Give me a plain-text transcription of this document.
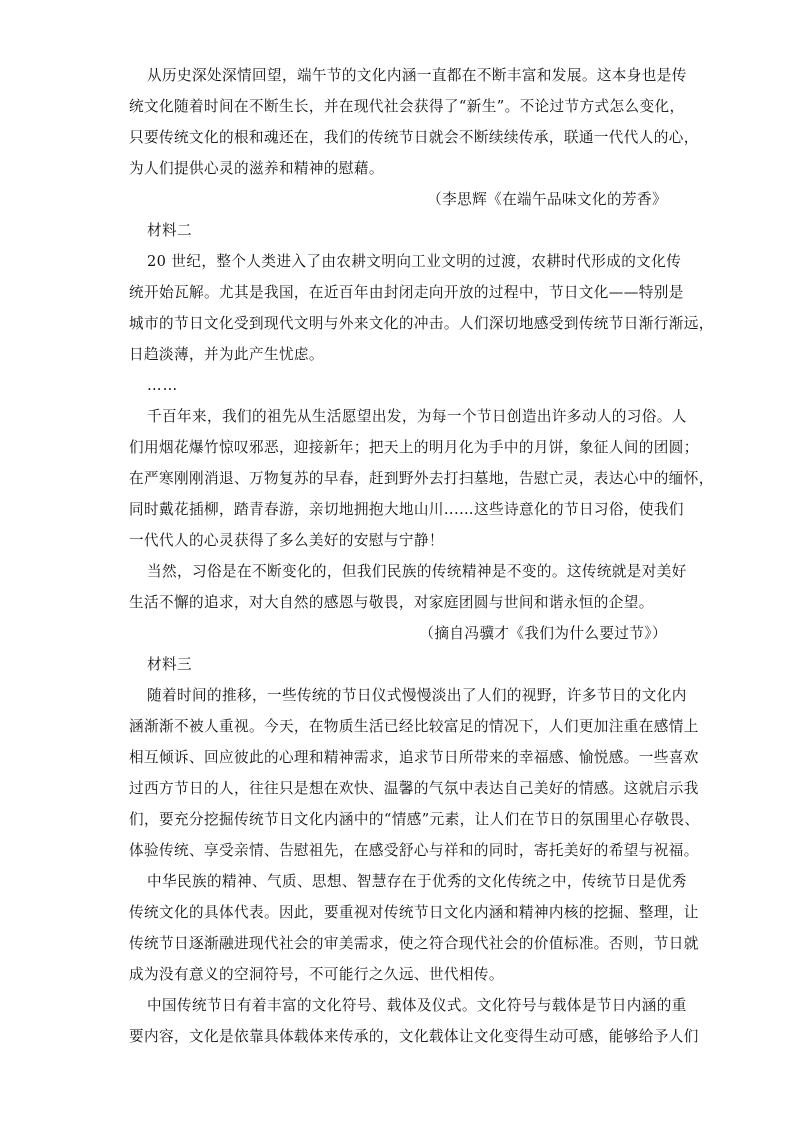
从历史深处深情回望，端午节的文化内涵一直都在不断丰富和发展。这本身也是传
统文化随着时间在不断生长，并在现代社会获得了“新生”。不论过节方式怎么变化，
只要传统文化的根和魂还在，我们的传统节日就会不断续续传承，联通一代代人的心，
为人们提供心灵的滋养和精神的慰藉。
（李思辉《在端午品味文化的芳香》
材料二
20 世纪，整个人类进入了由农耕文明向工业文明的过渡，农耕时代形成的文化传
统开始瓦解。尤其是我国，在近百年由封闭走向开放的过程中，节日文化——特别是
城市的节日文化受到现代文明与外来文化的冲击。人们深切地感受到传统节日渐行渐远，
日趋淡薄，并为此产生忧虑。
……
千百年来，我们的祖先从生活愿望出发，为每一个节日创造出许多动人的习俗。人
们用烟花爆竹惊叹邪恶，迎接新年；把天上的明月化为手中的月饼，象征人间的团圆；
在严寒刚刚消退、万物复苏的早春，赶到野外去打扫墓地，告慰亡灵，表达心中的缅怀，
同时戴花插柳，踏青春游，亲切地拥抱大地山川...…这些诗意化的节日习俗，使我们
一代代人的心灵获得了多么美好的安慰与宁静！
当然，习俗是在不断变化的，但我们民族的传统精神是不变的。这传统就是对美好
生活不懈的追求，对大自然的感恩与敬畏，对家庭团圆与世间和谐永恒的企望。
（摘自冯骥才《我们为什么要过节》）
材料三
随着时间的推移，一些传统的节日仪式慢慢淡出了人们的视野，许多节日的文化内
涵渐渐不被人重视。今天，在物质生活已经比较富足的情况下，人们更加注重在感情上
相互倾诉、回应彼此的心理和精神需求，追求节日所带来的幸福感、愉悦感。一些喜欢
过西方节日的人，往往只是想在欢快、温馨的气氛中表达自己美好的情感。这就启示我
们，要充分挖掘传统节日文化内涵中的“情感”元素，让人们在节日的氛围里心存敬畏、
体验传统、享受亲情、告慰祖先，在感受舒心与祥和的同时，寄托美好的希望与祝福。
中华民族的精神、气质、思想、智慧存在于优秀的文化传统之中，传统节日是优秀
传统文化的具体代表。因此，要重视对传统节日文化内涵和精神内核的挖掘、整理，让
传统节日逐渐融进现代社会的审美需求，使之符合现代社会的价值标准。否则，节日就
成为没有意义的空洞符号，不可能行之久远、世代相传。
中国传统节日有着丰富的文化符号、载体及仪式。文化符号与载体是节日内涵的重
要内容，文化是依靠具体载体来传承的，文化载体让文化变得生动可感，能够给予人们
